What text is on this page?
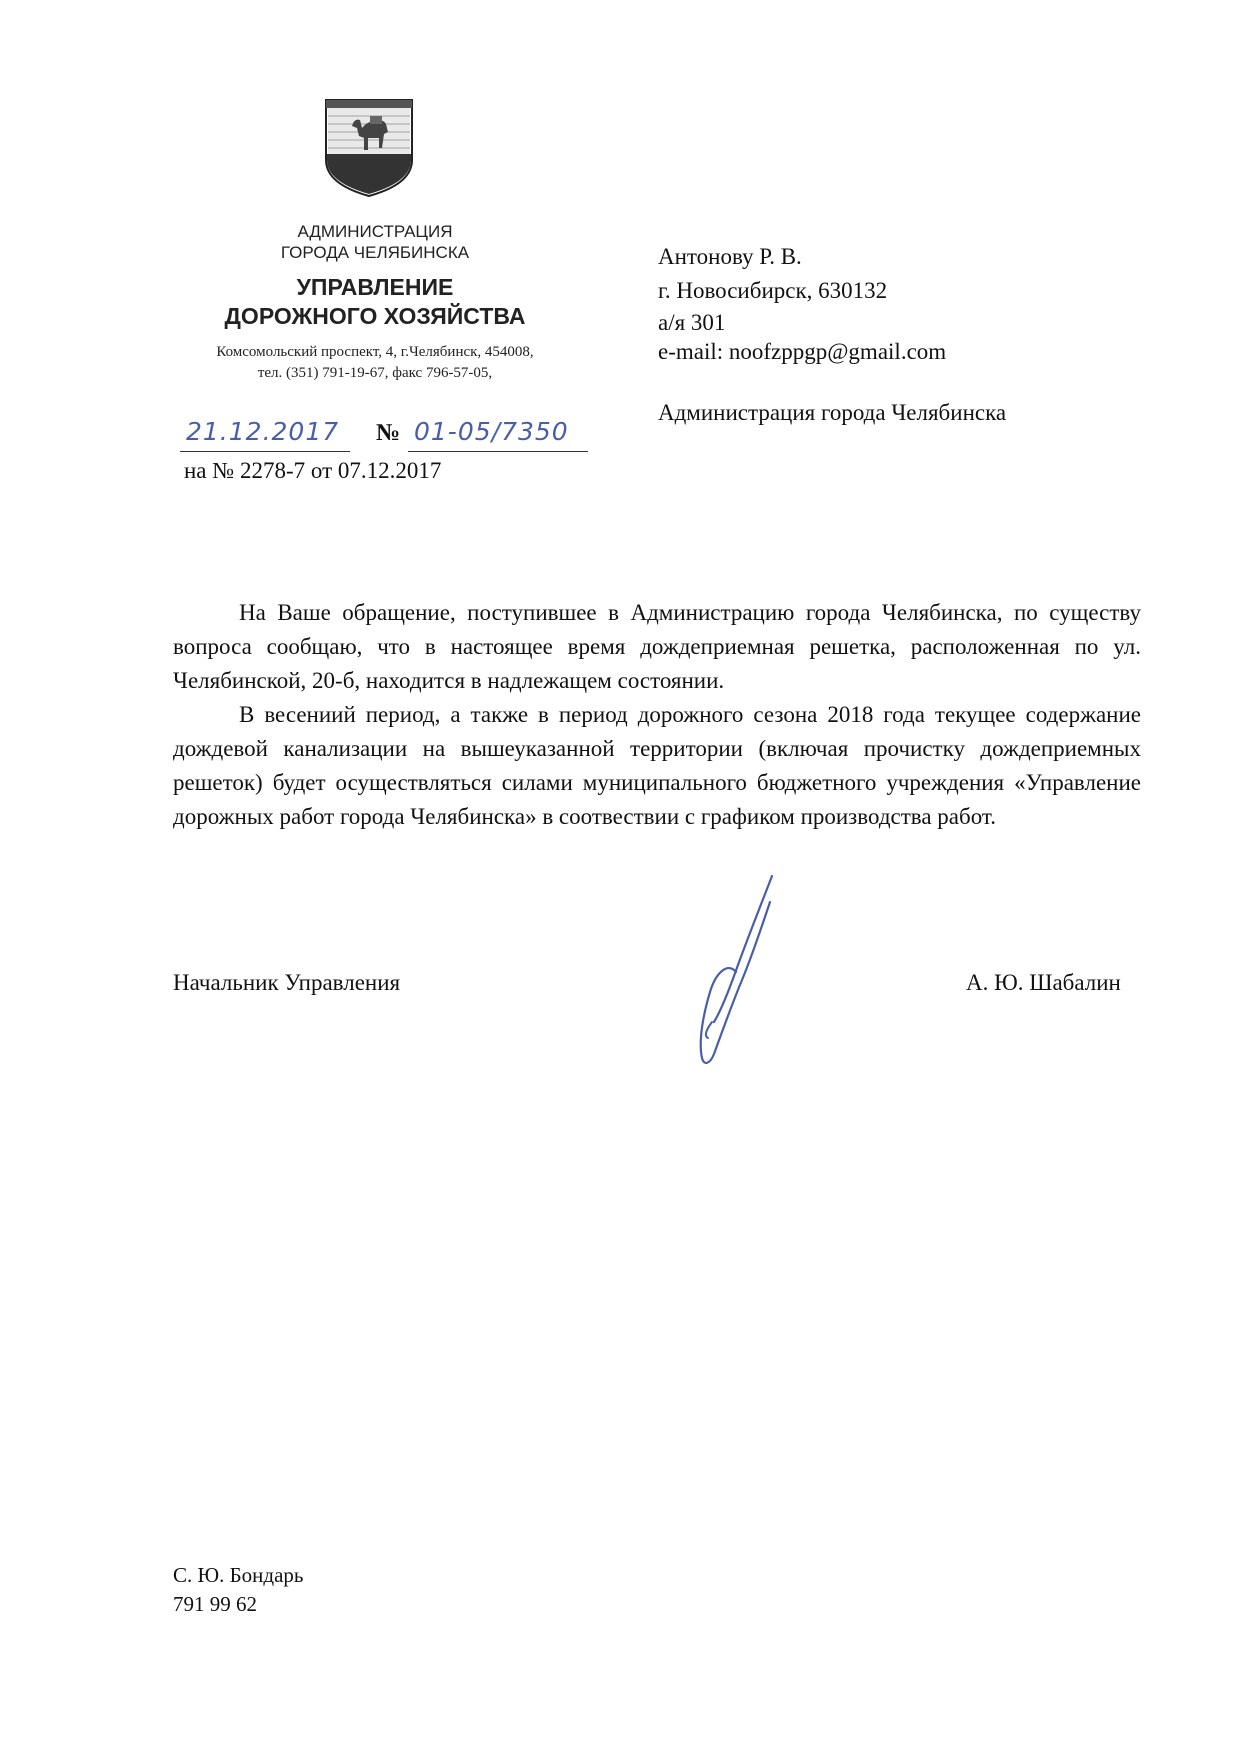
АДМИНИСТРАЦИЯ
ГОРОДА ЧЕЛЯБИНСКА
УПРАВЛЕНИЕ
ДОРОЖНОГО ХОЗЯЙСТВА
Комсомольский проспект, 4, г.Челябинск, 454008,
тел. (351) 791-19-67, факс 796-57-05,
21.12.2017 № 01-05/7350
на № 2278-7 от 07.12.2017
Антонову Р. В.
г. Новосибирск, 630132
а/я 301
e-mail: noofzppgp@gmail.com
Администрация города Челябинска

На Ваше обращение, поступившее в Администрацию города Челябинска, по существу вопроса сообщаю, что в настоящее время дождеприемная решетка, расположенная по ул. Челябинской, 20-б, находится в надлежащем состоянии.

В весениий период, а также в период дорожного сезона 2018 года текущее содержание дождевой канализации на вышеуказанной территории (включая прочистку дождеприемных решеток) будет осуществляться силами муниципального бюджетного учреждения «Управление дорожных работ города Челябинска» в соотвествии с графиком производства работ.

Начальник Управления	А. Ю. Шабалин
С. Ю. Бондарь
791 99 62
